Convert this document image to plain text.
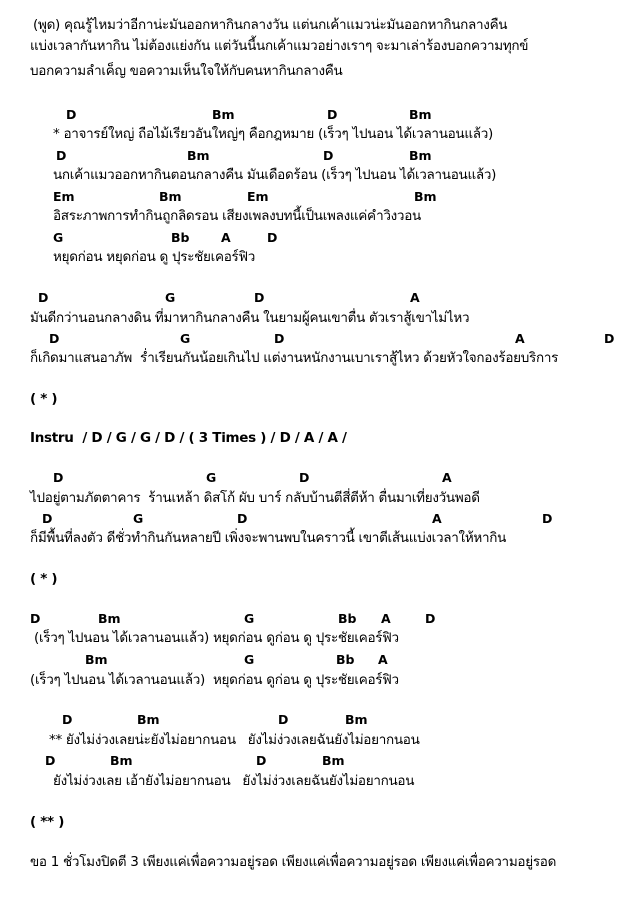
(พูด) คุณรู้ไหมว่าอีกาน่ะมันออกหากินกลางวัน แต่นกเค้าแมวน่ะมันออกหากินกลางคืน
แบ่งเวลากันหากิน ไม่ต้องแย่งกัน แต่วันนี้นกเค้าแมวอย่างเราๆ จะมาเล่าร้องบอกความทุกข์
บอกความลำเค็ญ ขอความเห็นใจให้กับคนหากินกลางคืน
D	Bm	D	Bm
* อาจารย์ใหญ่ ถือไม้เรียวอันใหญ่ๆ คือกฎหมาย (เร็วๆ ไปนอน ได้เวลานอนแล้ว)
D	Bm	D	Bm
นกเค้าแมวออกหากินตอนกลางคืน มันเดือดร้อน (เร็วๆ ไปนอน ได้เวลานอนแล้ว)
Em	Bm	Em	Bm
อิสระภาพการทำกินถูกลิดรอน เสียงเพลงบทนี้เป็นเพลงแค่คำวิงวอน
G	Bb	A	D
หยุดก่อน หยุดก่อน ดู ปุระชัยเคอร์ฟิว
D	G	D	A
มันดีกว่านอนกลางดิน ที่มาหากินกลางคืน ในยามผู้คนเขาตื่น ตัวเราสู้เขาไม่ไหว
D	G	D	A	D
ก็เกิดมาแสนอาภัพ  ร่ำเรียนกันน้อยเกินไป แต่งานหนักงานเบาเราสู้ไหว ด้วยหัวใจกองร้อยบริการ
( * )
Instru  / D / G / G / D / ( 3 Times ) / D / A / A /
D	G	D	A
ไปอยู่ตามภัตตาคาร  ร้านเหล้า ดิสโก้ ผับ บาร์ กลับบ้านตีสี่ตีห้า ตื่นมาเที่ยงวันพอดี
D	G	D	A	D
ก็มีพื้นที่ลงตัว ดีชั่วทำกินกันหลายปี เพิ่งจะพานพบในคราวนี้ เขาตีเส้นแบ่งเวลาให้หากิน
( * )
D	Bm	G	Bb A	D
(เร็วๆ ไปนอน ได้เวลานอนแล้ว) หยุดก่อน ดูก่อน ดู ปุระชัยเคอร์ฟิว
Bm	G	Bb A
(เร็วๆ ไปนอน ได้เวลานอนแล้ว)  หยุดก่อน ดูก่อน ดู ปุระชัยเคอร์ฟิว
D	Bm	D	Bm
** ยังไม่ง่วงเลยน่ะยังไม่อยากนอน   ยังไม่ง่วงเลยฉันยังไม่อยากนอน
D	Bm	D	Bm
ยังไม่ง่วงเลย เอ้ายังไม่อยากนอน   ยังไม่ง่วงเลยฉันยังไม่อยากนอน
( ** )
ขอ 1 ชั่วโมงปิดตี 3 เพียงแค่เพื่อความอยู่รอด เพียงแค่เพื่อความอยู่รอด เพียงแค่เพื่อความอยู่รอด
